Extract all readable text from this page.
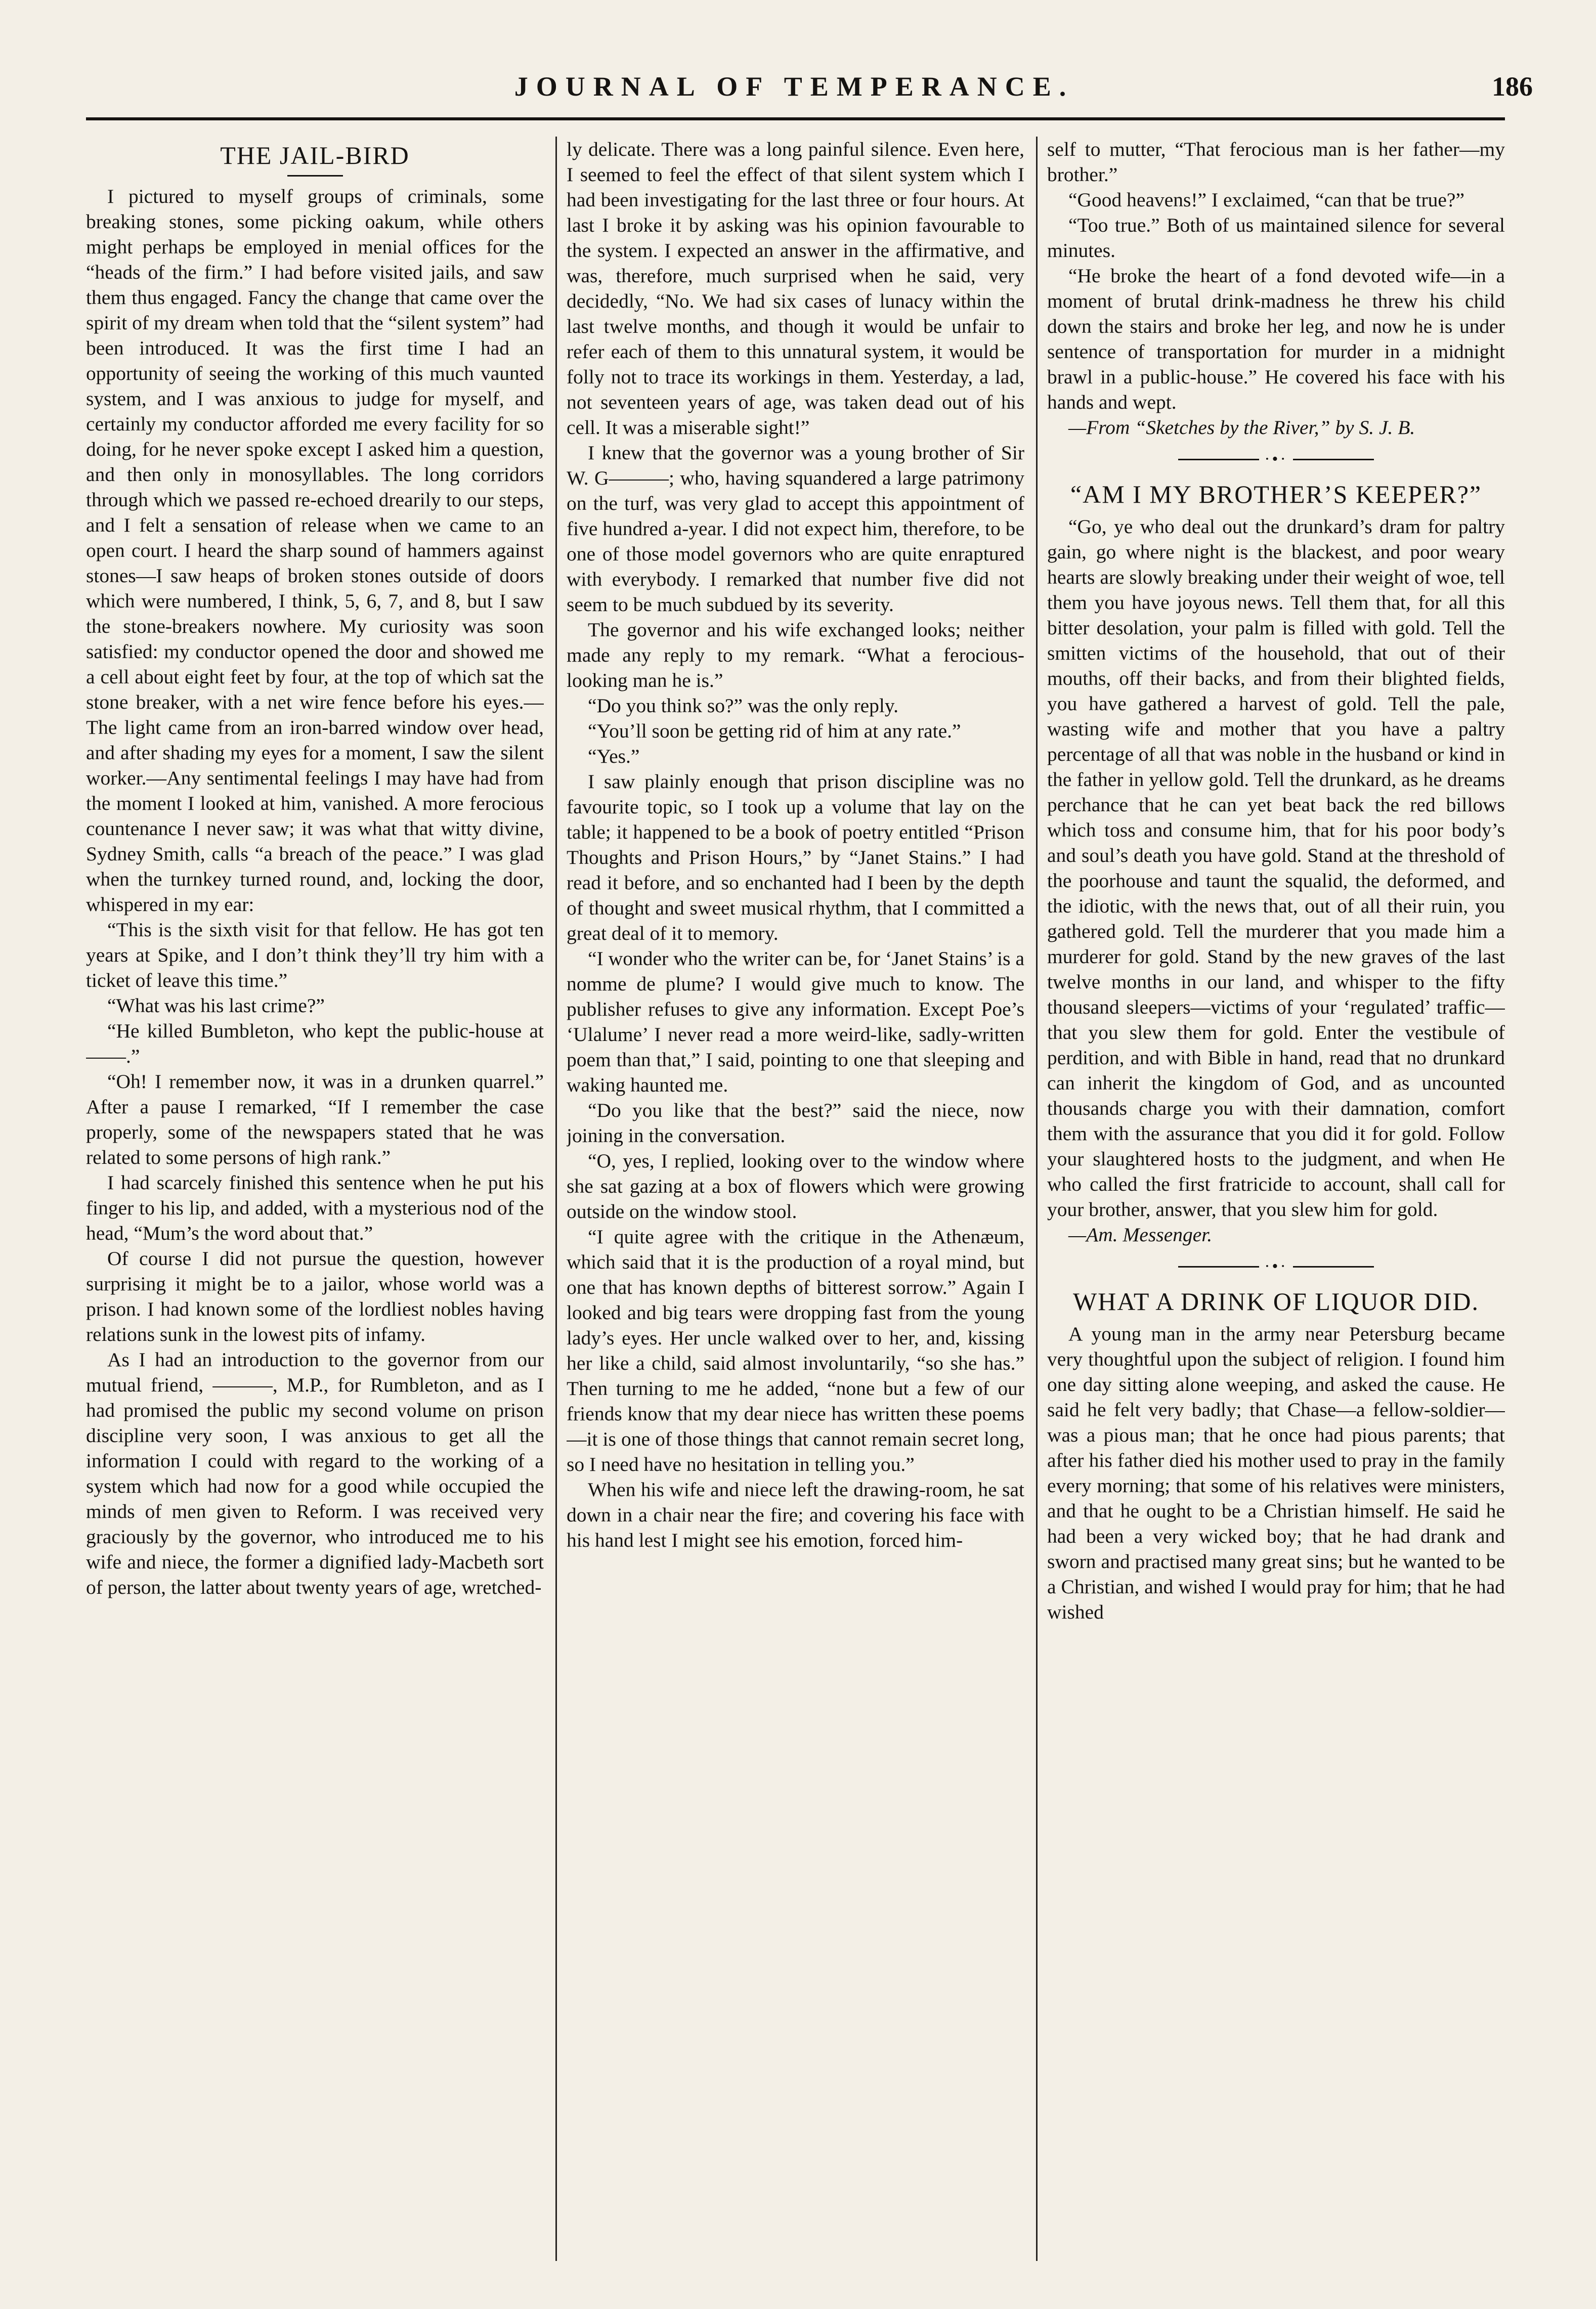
JOURNAL OF TEMPERANCE.	186
THE JAIL-BIRD

I pictured to myself groups of criminals, some breaking stones, some picking oakum, while others might perhaps be employed in menial offices for the “heads of the firm.” I had before visited jails, and saw them thus engaged. Fancy the change that came over the spirit of my dream when told that the “silent system” had been introduced. It was the first time I had an opportunity of seeing the working of this much vaunted system, and I was anxious to judge for myself, and certainly my conductor afforded me every facility for so doing, for he never spoke except I asked him a question, and then only in monosyllables. The long corridors through which we passed re-echoed drearily to our steps, and I felt a sensation of release when we came to an open court. I heard the sharp sound of hammers against stones—I saw heaps of broken stones outside of doors which were numbered, I think, 5, 6, 7, and 8, but I saw the stone-breakers nowhere. My curiosity was soon satisfied: my conductor opened the door and showed me a cell about eight feet by four, at the top of which sat the stone breaker, with a net wire fence before his eyes.—The light came from an iron-barred window over head, and after shading my eyes for a moment, I saw the silent worker.—Any sentimental feelings I may have had from the moment I looked at him, vanished. A more ferocious countenance I never saw; it was what that witty divine, Sydney Smith, calls “a breach of the peace.” I was glad when the turnkey turned round, and, locking the door, whispered in my ear:

“This is the sixth visit for that fellow. He has got ten years at Spike, and I don’t think they’ll try him with a ticket of leave this time.”

“What was his last crime?”

“He killed Bumbleton, who kept the public-house at ——.”

“Oh! I remember now, it was in a drunken quarrel.” After a pause I remarked, “If I remember the case properly, some of the newspapers stated that he was related to some persons of high rank.”

I had scarcely finished this sentence when he put his finger to his lip, and added, with a mysterious nod of the head, “Mum’s the word about that.”

Of course I did not pursue the question, however surprising it might be to a jailor, whose world was a prison. I had known some of the lordliest nobles having relations sunk in the lowest pits of infamy.

As I had an introduction to the governor from our mutual friend, ———, M.P., for Rumbleton, and as I had promised the public my second volume on prison discipline very soon, I was anxious to get all the information I could with regard to the working of a system which had now for a good while occupied the minds of men given to Reform. I was received very graciously by the governor, who introduced me to his wife and niece, the former a dignified lady-Macbeth sort of person, the latter about twenty years of age, wretched-

ly delicate. There was a long painful silence. Even here, I seemed to feel the effect of that silent system which I had been investigating for the last three or four hours. At last I broke it by asking was his opinion favourable to the system. I expected an answer in the affirmative, and was, therefore, much surprised when he said, very decidedly, “No. We had six cases of lunacy within the last twelve months, and though it would be unfair to refer each of them to this unnatural system, it would be folly not to trace its workings in them. Yesterday, a lad, not seventeen years of age, was taken dead out of his cell. It was a miserable sight!”

I knew that the governor was a young brother of Sir W. G———; who, having squandered a large patrimony on the turf, was very glad to accept this appointment of five hundred a-year. I did not expect him, therefore, to be one of those model governors who are quite enraptured with everybody. I remarked that number five did not seem to be much subdued by its severity.

The governor and his wife exchanged looks; neither made any reply to my remark. “What a ferocious-looking man he is.”

“Do you think so?” was the only reply.

“You’ll soon be getting rid of him at any rate.”

“Yes.”

I saw plainly enough that prison discipline was no favourite topic, so I took up a volume that lay on the table; it happened to be a book of poetry entitled “Prison Thoughts and Prison Hours,” by “Janet Stains.” I had read it before, and so enchanted had I been by the depth of thought and sweet musical rhythm, that I committed a great deal of it to memory.

“I wonder who the writer can be, for ‘Janet Stains’ is a nomme de plume? I would give much to know. The publisher refuses to give any information. Except Poe’s ‘Ulalume’ I never read a more weird-like, sadly-written poem than that,” I said, pointing to one that sleeping and waking haunted me.

“Do you like that the best?” said the niece, now joining in the conversation.

“O, yes, I replied, looking over to the window where she sat gazing at a box of flowers which were growing outside on the window stool.

“I quite agree with the critique in the Athenæum, which said that it is the production of a royal mind, but one that has known depths of bitterest sorrow.” Again I looked and big tears were dropping fast from the young lady’s eyes. Her uncle walked over to her, and, kissing her like a child, said almost involuntarily, “so she has.” Then turning to me he added, “none but a few of our friends know that my dear niece has written these poems—it is one of those things that cannot remain secret long, so I need have no hesitation in telling you.”

When his wife and niece left the drawing-room, he sat down in a chair near the fire; and covering his face with his hand lest I might see his emotion, forced him-

self to mutter, “That ferocious man is her father—my brother.”

“Good heavens!” I exclaimed, “can that be true?”

“Too true.” Both of us maintained silence for several minutes.

“He broke the heart of a fond devoted wife—in a moment of brutal drink-madness he threw his child down the stairs and broke her leg, and now he is under sentence of transportation for murder in a midnight brawl in a public-house.” He covered his face with his hands and wept.

—From “Sketches by the River,” by S. J. B.

·•·
“AM I MY BROTHER’S KEEPER?”

“Go, ye who deal out the drunkard’s dram for paltry gain, go where night is the blackest, and poor weary hearts are slowly breaking under their weight of woe, tell them you have joyous news. Tell them that, for all this bitter desolation, your palm is filled with gold. Tell the smitten victims of the household, that out of their mouths, off their backs, and from their blighted fields, you have gathered a harvest of gold. Tell the pale, wasting wife and mother that you have a paltry percentage of all that was noble in the husband or kind in the father in yellow gold. Tell the drunkard, as he dreams perchance that he can yet beat back the red billows which toss and consume him, that for his poor body’s and soul’s death you have gold. Stand at the threshold of the poorhouse and taunt the squalid, the deformed, and the idiotic, with the news that, out of all their ruin, you gathered gold. Tell the murderer that you made him a murderer for gold. Stand by the new graves of the last twelve months in our land, and whisper to the fifty thousand sleepers—victims of your ‘regulated’ traffic—that you slew them for gold. Enter the vestibule of perdition, and with Bible in hand, read that no drunkard can inherit the kingdom of God, and as uncounted thousands charge you with their damnation, comfort them with the assurance that you did it for gold. Follow your slaughtered hosts to the judgment, and when He who called the first fratricide to account, shall call for your brother, answer, that you slew him for gold.

—Am. Messenger.

·•·
WHAT A DRINK OF LIQUOR DID.

A young man in the army near Petersburg became very thoughtful upon the subject of religion. I found him one day sitting alone weeping, and asked the cause. He said he felt very badly; that Chase—a fellow-soldier—was a pious man; that he once had pious parents; that after his father died his mother used to pray in the family every morning; that some of his relatives were ministers, and that he ought to be a Christian himself. He said he had been a very wicked boy; that he had drank and sworn and practised many great sins; but he wanted to be a Christian, and wished I would pray for him; that he had wished
